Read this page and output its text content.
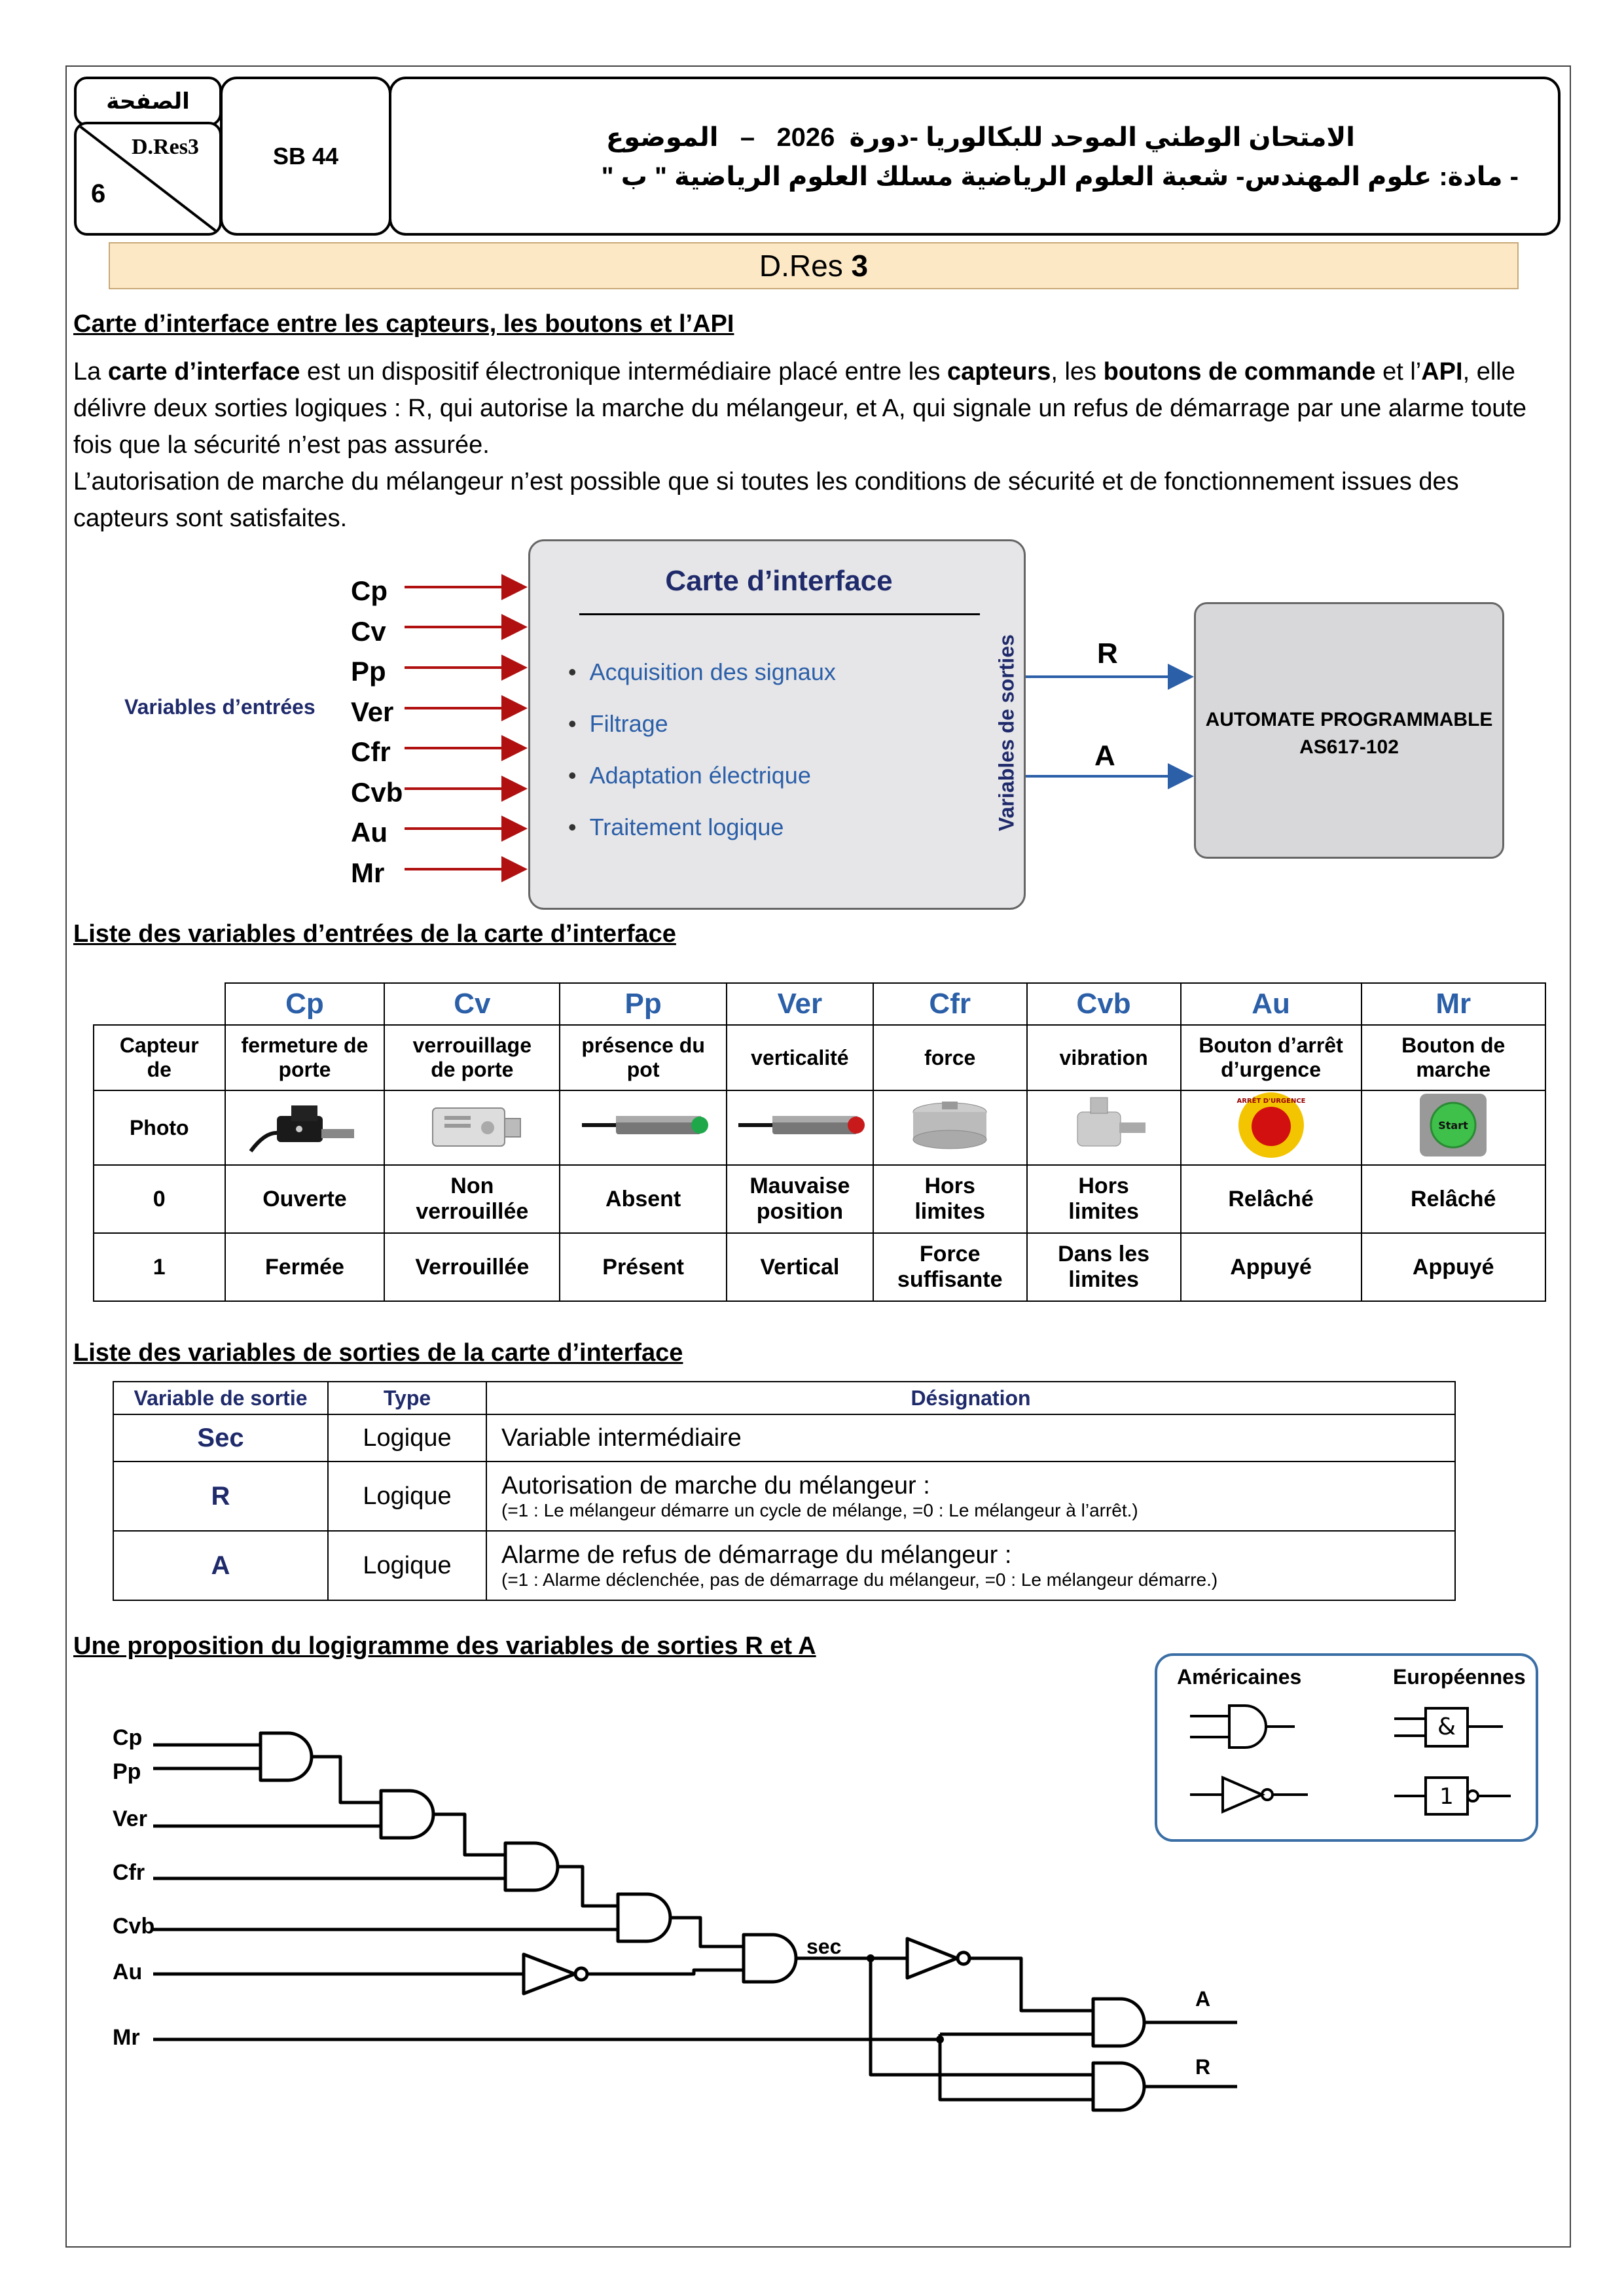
الصفحة
D.Res3
6
SB 44
الامتحان الوطني الموحد للبكالوريا -دورة  2026   –   الموضوع
- مادة: علوم المهندس- شعبة العلوم الرياضية مسلك العلوم الرياضية " ب "
D.Res 3
Carte d’interface entre les capteurs, les boutons et l’API

La carte d’interface est un dispositif électronique intermédiaire placé entre les capteurs, les boutons de commande et l’API, elle délivre deux sorties logiques : R, qui autorise la marche du mélangeur, et A, qui signale un refus de démarrage par une alarme toute fois que la sécurité n’est pas assurée.

L’autorisation de marche du mélangeur n’est possible que si toutes les conditions de sécurité et de fonctionnement issues des capteurs sont satisfaites.

Variables d’entrées
Cp
Cv
Pp
Ver
Cfr
Cvb
Au
Mr
Carte d’interface
•  Acquisition des signaux
•  Filtrage
•  Adaptation électrique
•  Traitement logique	Variables de sorties	R
A
AUTOMATE PROGRAMMABLE
AS617-102
Liste des variables d’entrées de la carte d’interface
	Cp	Cv	Pp	Ver	Cfr	Cvb	Au	Mr
Capteur de	fermeture de porte	verrouillage de porte	présence du pot	verticalité	force	vibration	Bouton d’arrêt d’urgence	Bouton de marche
Photo							ARRÊT D'URGENCE	Start

0	Ouverte	Non verrouillée	Absent	Mauvaise position	Hors limites	Hors limites	Relâché	Relâché
1	Fermée	Verrouillée	Présent	Vertical	Force suffisante	Dans les limites	Appuyé	Appuyé
Liste des variables de sorties de la carte d’interface
Variable de sortie	Type	Désignation
Sec	Logique	Variable intermédiaire
R	Logique	Autorisation de marche du mélangeur :
(=1 : Le mélangeur démarre un cycle de mélange, =0 : Le mélangeur à l’arrêt.)

A	Logique	Alarme de refus de démarrage du mélangeur :
(=1 : Alarme déclenchée, pas de démarrage du mélangeur, =0 : Le mélangeur démarre.)
Une proposition du logigramme des variables de sorties R et A
Cp
Pp
Ver
Cfr
Cvb
Au
Mr
sec
A
R
Américaines	Européennes
&
1
